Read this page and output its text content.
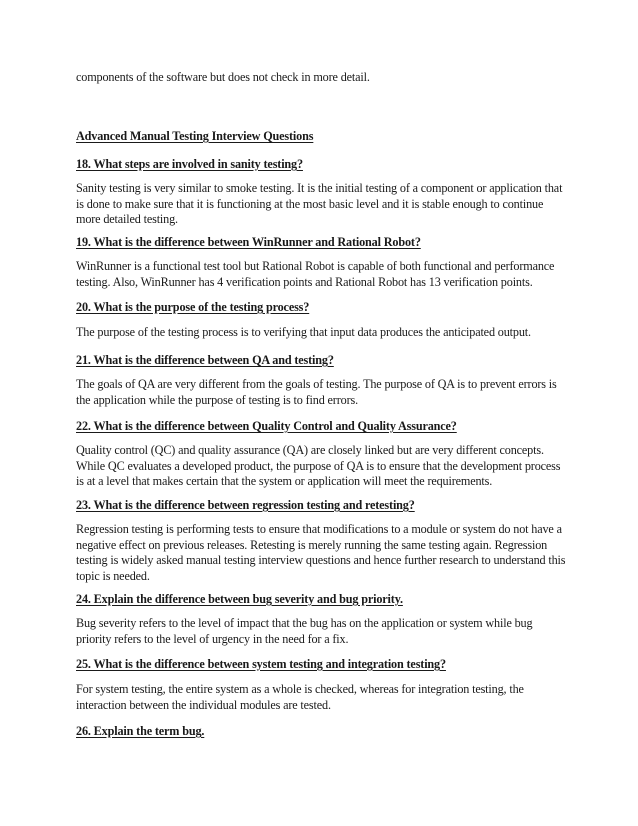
components of the software but does not check in more detail.
Advanced Manual Testing Interview Questions
18. What steps are involved in sanity testing?
Sanity testing is very similar to smoke testing. It is the initial testing of a component or application that is done to make sure that it is functioning at the most basic level and it is stable enough to continue more detailed testing.
19. What is the difference between WinRunner and Rational Robot?
WinRunner is a functional test tool but Rational Robot is capable of both functional and performance testing. Also, WinRunner has 4 verification points and Rational Robot has 13 verification points.
20. What is the purpose of the testing process?
The purpose of the testing process is to verifying that input data produces the anticipated output.
21. What is the difference between QA and testing?
The goals of QA are very different from the goals of testing. The purpose of QA is to prevent errors is the application while the purpose of testing is to find errors.
22. What is the difference between Quality Control and Quality Assurance?
Quality control (QC) and quality assurance (QA) are closely linked but are very different concepts. While QC evaluates a developed product, the purpose of QA is to ensure that the development process is at a level that makes certain that the system or application will meet the requirements.
23. What is the difference between regression testing and retesting?
Regression testing is performing tests to ensure that modifications to a module or system do not have a negative effect on previous releases. Retesting is merely running the same testing again. Regression testing is widely asked manual testing interview questions and hence further research to understand this topic is needed.
24. Explain the difference between bug severity and bug priority.
Bug severity refers to the level of impact that the bug has on the application or system while bug priority refers to the level of urgency in the need for a fix.
25. What is the difference between system testing and integration testing?
For system testing, the entire system as a whole is checked, whereas for integration testing, the interaction between the individual modules are tested.
26. Explain the term bug.
